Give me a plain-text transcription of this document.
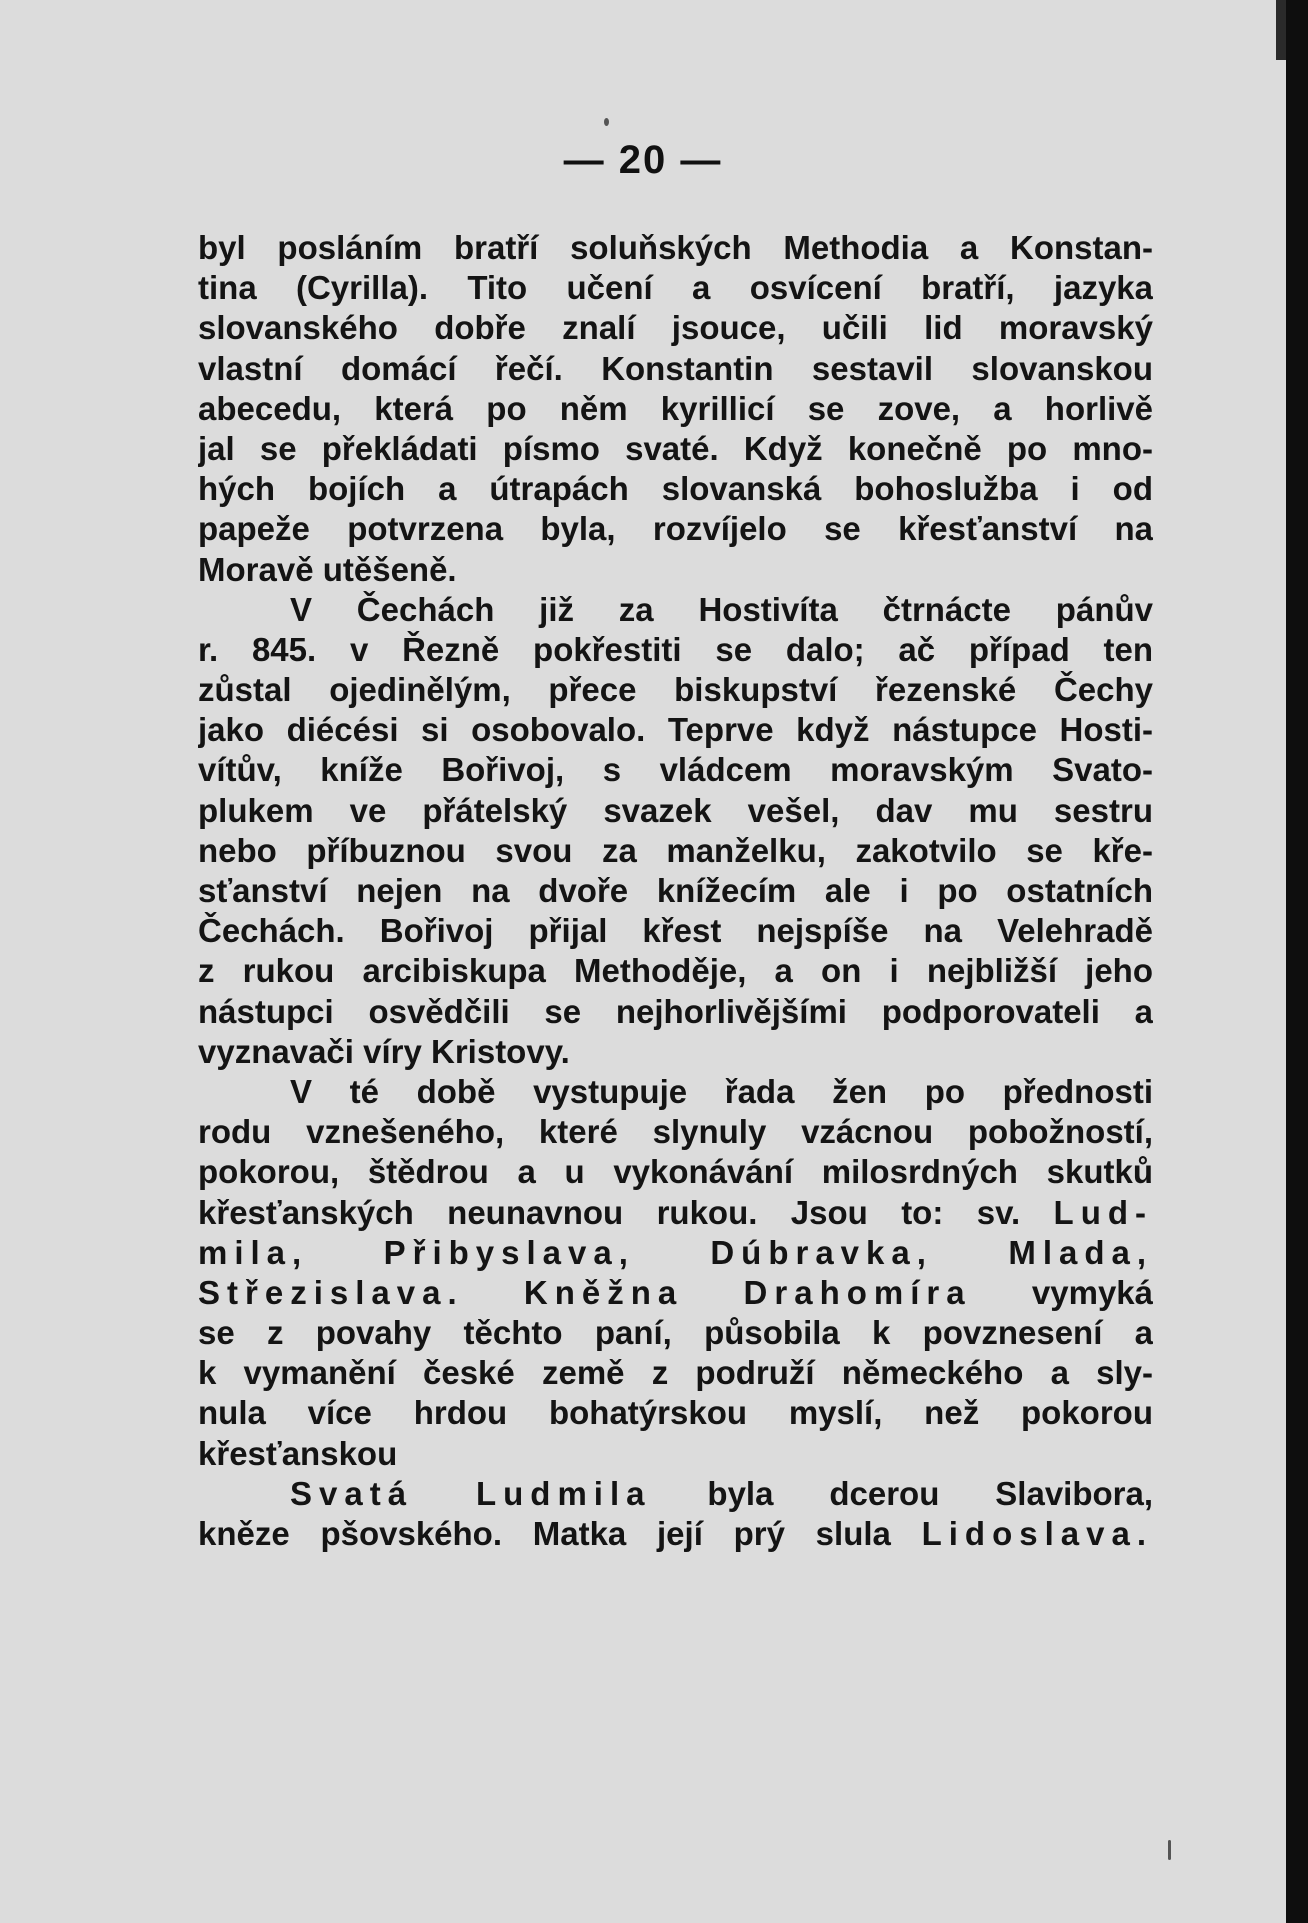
— 20 —
byl posláním bratří soluňských Methodia a Konstan-
tina (Cyrilla). Tito učení a osvícení bratří, jazyka
slovanského dobře znalí jsouce, učili lid moravský
vlastní domácí řečí. Konstantin sestavil slovanskou
abecedu, která po něm kyrillicí se zove, a horlivě
jal se překládati písmo svaté. Když konečně po mno-
hých bojích a útrapách slovanská bohoslužba i od
papeže potvrzena byla, rozvíjelo se křesťanství na
Moravě utěšeně.
V Čechách již za Hostivíta čtrnácte pánův
r. 845. v Řezně pokřestiti se dalo; ač případ ten
zůstal ojedinělým, přece biskupství řezenské Čechy
jako diécési si osobovalo. Teprve když nástupce Hosti-
vítův, kníže Bořivoj, s vládcem moravským Svato-
plukem ve přátelský svazek vešel, dav mu sestru
nebo příbuznou svou za manželku, zakotvilo se kře-
sťanství nejen na dvoře knížecím ale i po ostatních
Čechách. Bořivoj přijal křest nejspíše na Velehradě
z rukou arcibiskupa Methoděje, a on i nejbližší jeho
nástupci osvědčili se nejhorlivějšími podporovateli a
vyznavači víry Kristovy.
V té době vystupuje řada žen po přednosti
rodu vznešeného, které slynuly vzácnou pobožností,
pokorou, štědrou a u vykonávání milosrdných skutků
křesťanských neunavnou rukou. Jsou to: sv. Lud-
mila, Přibyslava, Dúbravka, Mlada,
Střezislava. Kněžna Drahomíra vymyká
se z povahy těchto paní, působila k povznesení a
k vymanění české země z podruží německého a sly-
nula více hrdou bohatýrskou myslí, než pokorou
křesťanskou
Svatá Ludmila byla dcerou Slavibora,
kněze pšovského. Matka její prý slula Lidoslava.
